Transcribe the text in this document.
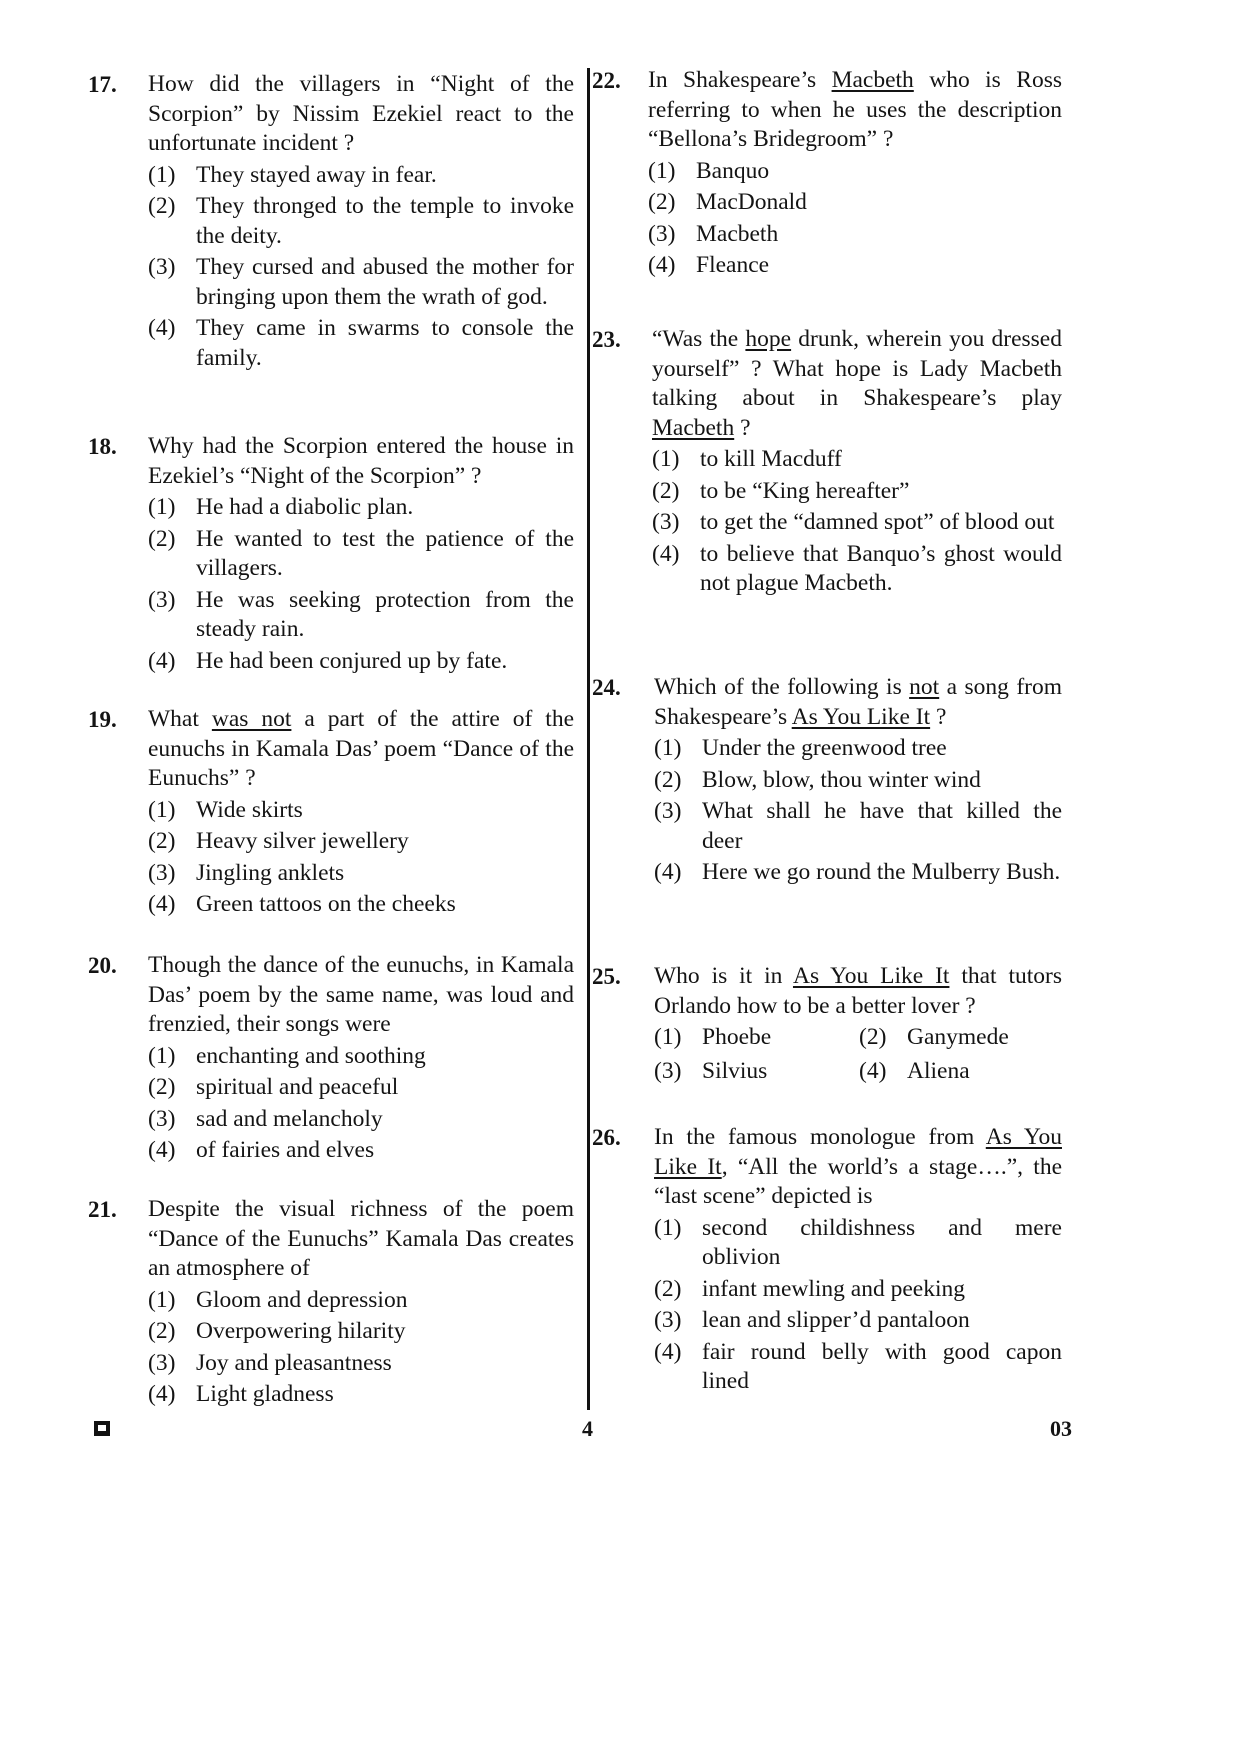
17. How did the villagers in “Night of the Scorpion” by Nissim Ezekiel react to the unfortunate incident ?
(1) They stayed away in fear.
(2) They thronged to the temple to invoke the deity.
(3) They cursed and abused the mother for bringing upon them the wrath of god.
(4) They came in swarms to console the family.
18. Why had the Scorpion entered the house in Ezekiel’s “Night of the Scorpion” ?
(1) He had a diabolic plan.
(2) He wanted to test the patience of the villagers.
(3) He was seeking protection from the steady rain.
(4) He had been conjured up by fate.
19. What was not a part of the attire of the eunuchs in Kamala Das’ poem “Dance of the Eunuchs” ?
(1) Wide skirts
(2) Heavy silver jewellery
(3) Jingling anklets
(4) Green tattoos on the cheeks
20. Though the dance of the eunuchs, in Kamala Das’ poem by the same name, was loud and frenzied, their songs were
(1) enchanting and soothing
(2) spiritual and peaceful
(3) sad and melancholy
(4) of fairies and elves
21. Despite the visual richness of the poem “Dance of the Eunuchs” Kamala Das creates an atmosphere of
(1) Gloom and depression
(2) Overpowering hilarity
(3) Joy and pleasantness
(4) Light gladness
22. In Shakespeare’s Macbeth who is Ross referring to when he uses the description “Bellona’s Bridegroom” ?
(1) Banquo
(2) MacDonald
(3) Macbeth
(4) Fleance
23. “Was the hope drunk, wherein you dressed yourself” ? What hope is Lady Macbeth talking about in Shakespeare’s play Macbeth ?
(1) to kill Macduff
(2) to be “King hereafter”
(3) to get the “damned spot” of blood out
(4) to believe that Banquo’s ghost would not plague Macbeth.
24. Which of the following is not a song from Shakespeare’s As You Like It ?
(1) Under the greenwood tree
(2) Blow, blow, thou winter wind
(3) What shall he have that killed the deer
(4) Here we go round the Mulberry Bush.
25. Who is it in As You Like It that tutors Orlando how to be a better lover ?
(1) Phoebe	(2) Ganymede
(3) Silvius	(4) Aliena
26. In the famous monologue from As You Like It, “All the world’s a stage….”, the “last scene” depicted is
(1) second childishness and mere oblivion
(2) infant mewling and peeking
(3) lean and slipper’d pantaloon
(4) fair round belly with good capon lined
4	03
